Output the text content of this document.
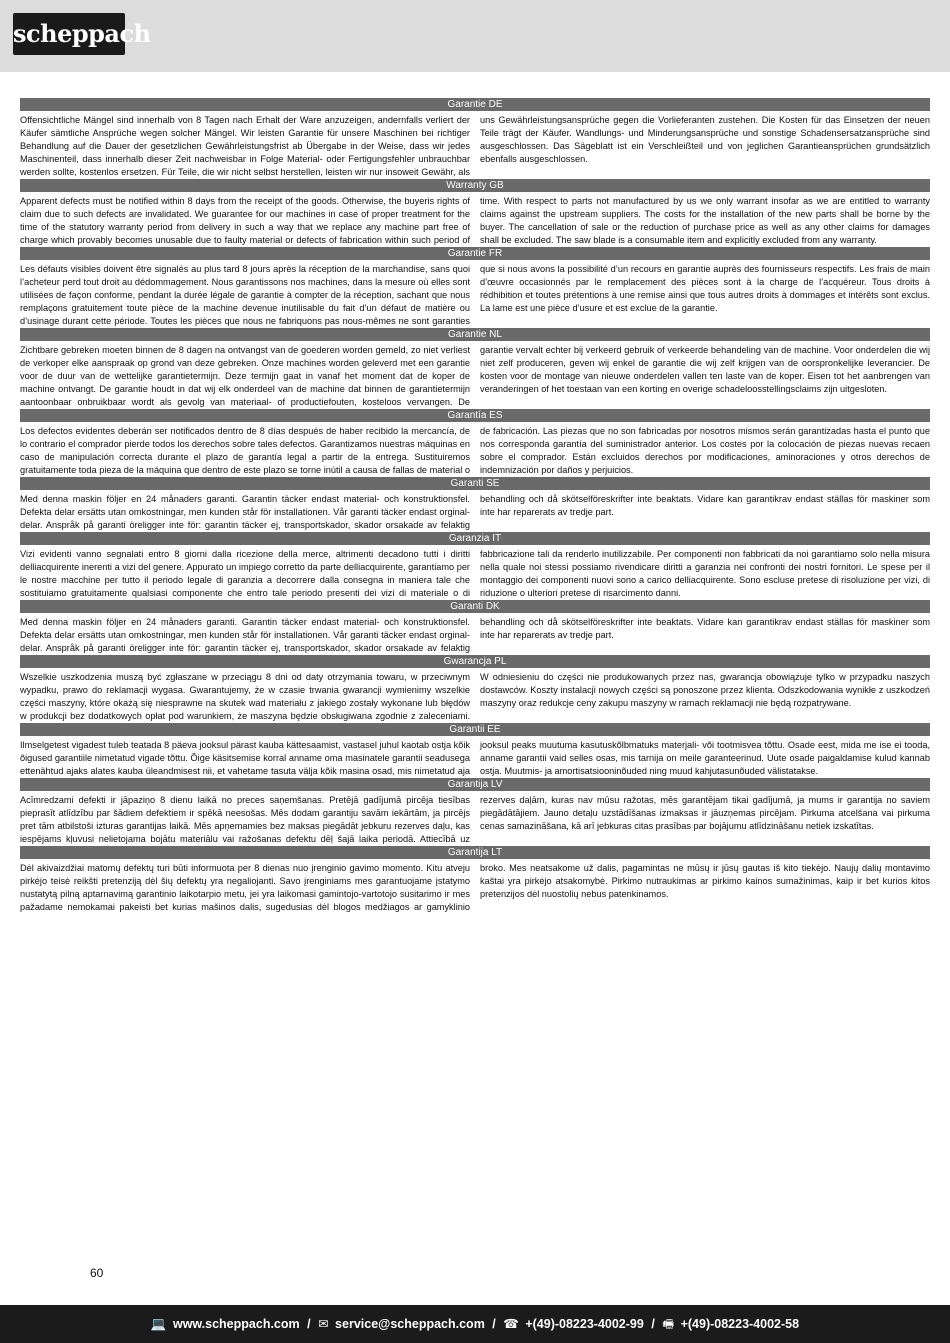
scheppach
Garantie DE
Offensichtliche Mängel sind innerhalb von 8 Tagen nach Erhalt der Ware anzuzeigen, andernfalls verliert der Käufer sämtliche Ansprüche wegen solcher Mängel. Wir leisten Garantie für unsere Maschinen bei richtiger Behandlung auf die Dauer der gesetzlichen Gewährleistungsfrist ab Übergabe in der Weise, dass wir jedes Maschinenteil, dass innerhalb dieser Zeit nachweisbar in Folge Material- oder Fertigungsfehler unbrauchbar werden sollte, kostenlos ersetzen. Für Teile, die wir nicht selbst herstellen, leisten wir nur insoweit Gewähr, als uns Gewährleistungsansprüche gegen die Vorlieferanten zustehen. Die Kosten für das Einsetzen der neuen Teile trägt der Käufer. Wandlungs- und Minderungsansprüche und sonstige Schadensersatzansprüche sind ausgeschlossen. Das Sägeblatt ist ein Verschleißteil und von jeglichen Garantieansprüchen grundsätzlich ebenfalls ausgeschlossen.
Warranty GB
Apparent defects must be notified within 8 days from the receipt of the goods. Otherwise, the buyeris rights of claim due to such defects are invalidated. We guarantee for our machines in case of proper treatment for the time of the statutory warranty period from delivery in such a way that we replace any machine part free of charge which provably becomes unusable due to faulty material or defects of fabrication within such period of time. With respect to parts not manufactured by us we only warrant insofar as we are entitled to warranty claims against the upstream suppliers. The costs for the installation of the new parts shall be borne by the buyer. The cancellation of sale or the reduction of purchase price as well as any other claims for damages shall be excluded. The saw blade is a consumable item and explicitly excluded from any warranty.
Garantie FR
Les défauts visibles doivent être signalés au plus tard 8 jours après la réception de la marchandise, sans quoi l’acheteur perd tout droit au dédommagement. Nous garantissons nos machines, dans la mesure où elles sont utilisées de façon conforme, pendant la durée légale de garantie à compter de la réception, sachant que nous remplaçons gratuitement toute pièce de la machine devenue inutilisable du fait d’un défaut de matière ou d’usinage durant cette période. Toutes les pièces que nous ne fabriquons pas nous-mêmes ne sont garanties que si nous avons la possibilité d’un recours en garantie auprès des fournisseurs respectifs. Les frais de main d’œuvre occasionnés par le remplacement des pièces sont à la charge de l’acquéreur. Tous droits à rédhibition et toutes prétentions à une remise ainsi que tous autres droits à dommages et intérêts sont exclus. La lame est une pièce d’usure et est exclue de la garantie.
Garantie NL
Zichtbare gebreken moeten binnen de 8 dagen na ontvangst van de goederen worden gemeld, zo niet verliest de verkoper elke aanspraak op grond van deze gebreken. Onze machines worden geleverd met een garantie voor de duur van de wettelijke garantietermijn. Deze termijn gaat in vanaf het moment dat de koper de machine ontvangt. De garantie houdt in dat wij elk onderdeel van de machine dat binnen de garantietermijn aantoonbaar onbruikbaar wordt als gevolg van materiaal- of productiefouten, kosteloos vervangen. De garantie vervalt echter bij verkeerd gebruik of verkeerde behandeling van de machine. Voor onderdelen die wij niet zelf produceren, geven wij enkel de garantie die wij zelf krijgen van de oorspronkelijke leverancier. De kosten voor de montage van nieuwe onderdelen vallen ten laste van de koper. Eisen tot het aanbrengen van veranderingen of het toestaan van een korting en overige schadeloosstellingsclaims zijn uitgesloten.
Garantía ES
Los defectos evidentes deberán ser notificados dentro de 8 días después de haber recibido la mercancía, de lo contrario el comprador pierde todos los derechos sobre tales defectos. Garantizamos nuestras máquinas en caso de manipulación correcta durante el plazo de garantía legal a partir de la entrega. Sustituiremos gratuitamente toda pieza de la máquina que dentro de este plazo se torne inútil a causa de fallas de material o de fabricación. Las piezas que no son fabricadas por nosotros mismos serán garantizadas hasta el punto que nos corresponda garantía del suministrador anterior. Los costes por la colocación de piezas nuevas recaen sobre el comprador. Están excluidos derechos por modificaciones, aminoraciones y otros derechos de indemnización por daños y perjuicios.
Garanti SE
Med denna maskin följer en 24 månaders garanti. Garantin täcker endast material- och konstruktionsfel. Defekta delar ersätts utan omkostningar, men kunden står för installationen. Vår garanti täcker endast orginal-delar. Anspråk på garanti öreligger inte för: garantin täcker ej, transportskador, skador orsakade av felaktig behandling och då skötselföreskrifter inte beaktats. Vidare kan garantikrav endast ställas för maskiner som inte har reparerats av tredje part.
Garanzia IT
Vizi evidenti vanno segnalati entro 8 giorni dalla ricezione della merce, altrimenti decadono tutti i diritti delliacquirente inerenti a vizi del genere. Appurato un impiego corretto da parte delliacquirente, garantiamo per le nostre macchine per tutto il periodo legale di garanzia a decorrere dalla consegna in maniera tale che sostituiamo gratuitamente qualsiasi componente che entro tale periodo presenti dei vizi di materiale o di fabbricazione tali da renderlo inutilizzabile. Per componenti non fabbricati da noi garantiamo solo nella misura nella quale noi stessi possiamo rivendicare diritti a garanzia nei confronti dei nostri fornitori. Le spese per il montaggio dei componenti nuovi sono a carico delliacquirente. Sono escluse pretese di risoluzione per vizi, di riduzione o ulteriori pretese di risarcimento danni.
Garanti DK
Med denna maskin följer en 24 månaders garanti. Garantin täcker endast material- och konstruktionsfel. Defekta delar ersätts utan omkostningar, men kunden står för installationen. Vår garanti täcker endast orginal-delar. Anspråk på garanti öreligger inte för: garantin täcker ej, transportskador, skador orsakade av felaktig behandling och då skötselföreskrifter inte beaktats. Vidare kan garantikrav endast ställas för maskiner som inte har reparerats av tredje part.
Gwarancja PL
Wszelkie uszkodzenia muszą być zgłaszane w przeciągu 8 dni od daty otrzymania towaru, w przeciwnym wypadku, prawo do reklamacji wygasa. Gwarantujemy, że w czasie trwania gwarancji wymienimy wszelkie części maszyny, które okażą się niesprawne na skutek wad materiału z jakiego zostały wykonane lub błędów w produkcji bez dodatkowych opłat pod warunkiem, że maszyna będzie obsługiwana zgodnie z zaleceniami. W odniesieniu do części nie produkowanych przez nas, gwarancja obowiązuje tylko w przypadku naszych dostawców. Koszty instalacji nowych części są ponoszone przez klienta. Odszkodowania wynikłe z uszkodzeń maszyny oraz redukcje ceny zakupu maszyny w ramach reklamacji nie będą rozpatrywane.
Garantii EE
Ilmselgetest vigadest tuleb teatada 8 päeva jooksul pärast kauba kättesaamist, vastasel juhul kaotab ostja kõik õigused garantiile nimetatud vigade tõttu. Õige käsitsemise korral anname oma masinatele garantii seadusega ettenähtud ajaks alates kauba üleandmisest nii, et vahetame tasuta välja kõik masina osad, mis nimetatud aja jooksul peaks muutuma kasutuskõlbmatuks materjali- või tootmisvea tõttu. Osade eest, mida me ise ei tooda, anname garantii vaid selles osas, mis tarnija on meile garanteerinud. Uute osade paigaldamise kulud kannab ostja. Muutmis- ja amortisatsiooninõuded ning muud kahjutasunõuded välistatakse.
Garantija LV
Acīmredzami defekti ir jāpaziņo 8 dienu laikā no preces saņemšanas. Pretējā gadījumā pircēja tiesības pieprasīt atlīdzību par šādiem defektiem ir spēkā neesošas. Mēs dodam garantiju savām iekārtām, ja pircējs pret tām atbilstoši izturas garantijas laikā. Mēs apņemamies bez maksas piegādāt jebkuru rezerves daļu, kas iespējams kļuvusi nelietojama bojātu materiālu vai ražošanas defektu dēļ šajā laika periodā. Attiecībā uz rezerves daļām, kuras nav mūsu ražotas, mēs garantējam tikai gadījumā, ja mums ir garantija no saviem piegādātājiem. Jauno detaļu uzstādīšanas izmaksas ir jāuzņemas pircējam. Pirkuma atcelšana vai pirkuma cenas samazināšana, kā arī jebkuras citas prasības par bojājumu atlīdzināšanu netiek izskatītas.
Garantija LT
Dėl akivaizdžiai matomų defektų turi būti informuota per 8 dienas nuo įrenginio gavimo momento. Kitu atveju pirkėjo teisė reikšti pretenziją dėl šių defektų yra negaliojanti. Savo įrenginiams mes garantuojame įstatymo nustatytą pilną aptarnavimą garantinio laikotarpio metu, jei yra laikomasi gamintojo-vartotojo susitarimo ir mes pažadame nemokamai pakeisti bet kurias mašinos dalis, sugedusias dėl blogos medžiagos ar gamyklinio broko. Mes neatsakome už dalis, pagamintas ne mūsų ir jūsų gautas iš kito tiekėjo. Naujų dalių montavimo kaštai yra pirkėjo atsakomybė. Pirkimo nutraukimas ar pirkimo kainos sumažinimas, kaip ir bet kurios kitos pretenzijos dėl nuostolių nebus patenkinamos.
60
💻 www.scheppach.com / ✉ service@scheppach.com / ☎ +(49)-08223-4002-99 / 🖷 +(49)-08223-4002-58
